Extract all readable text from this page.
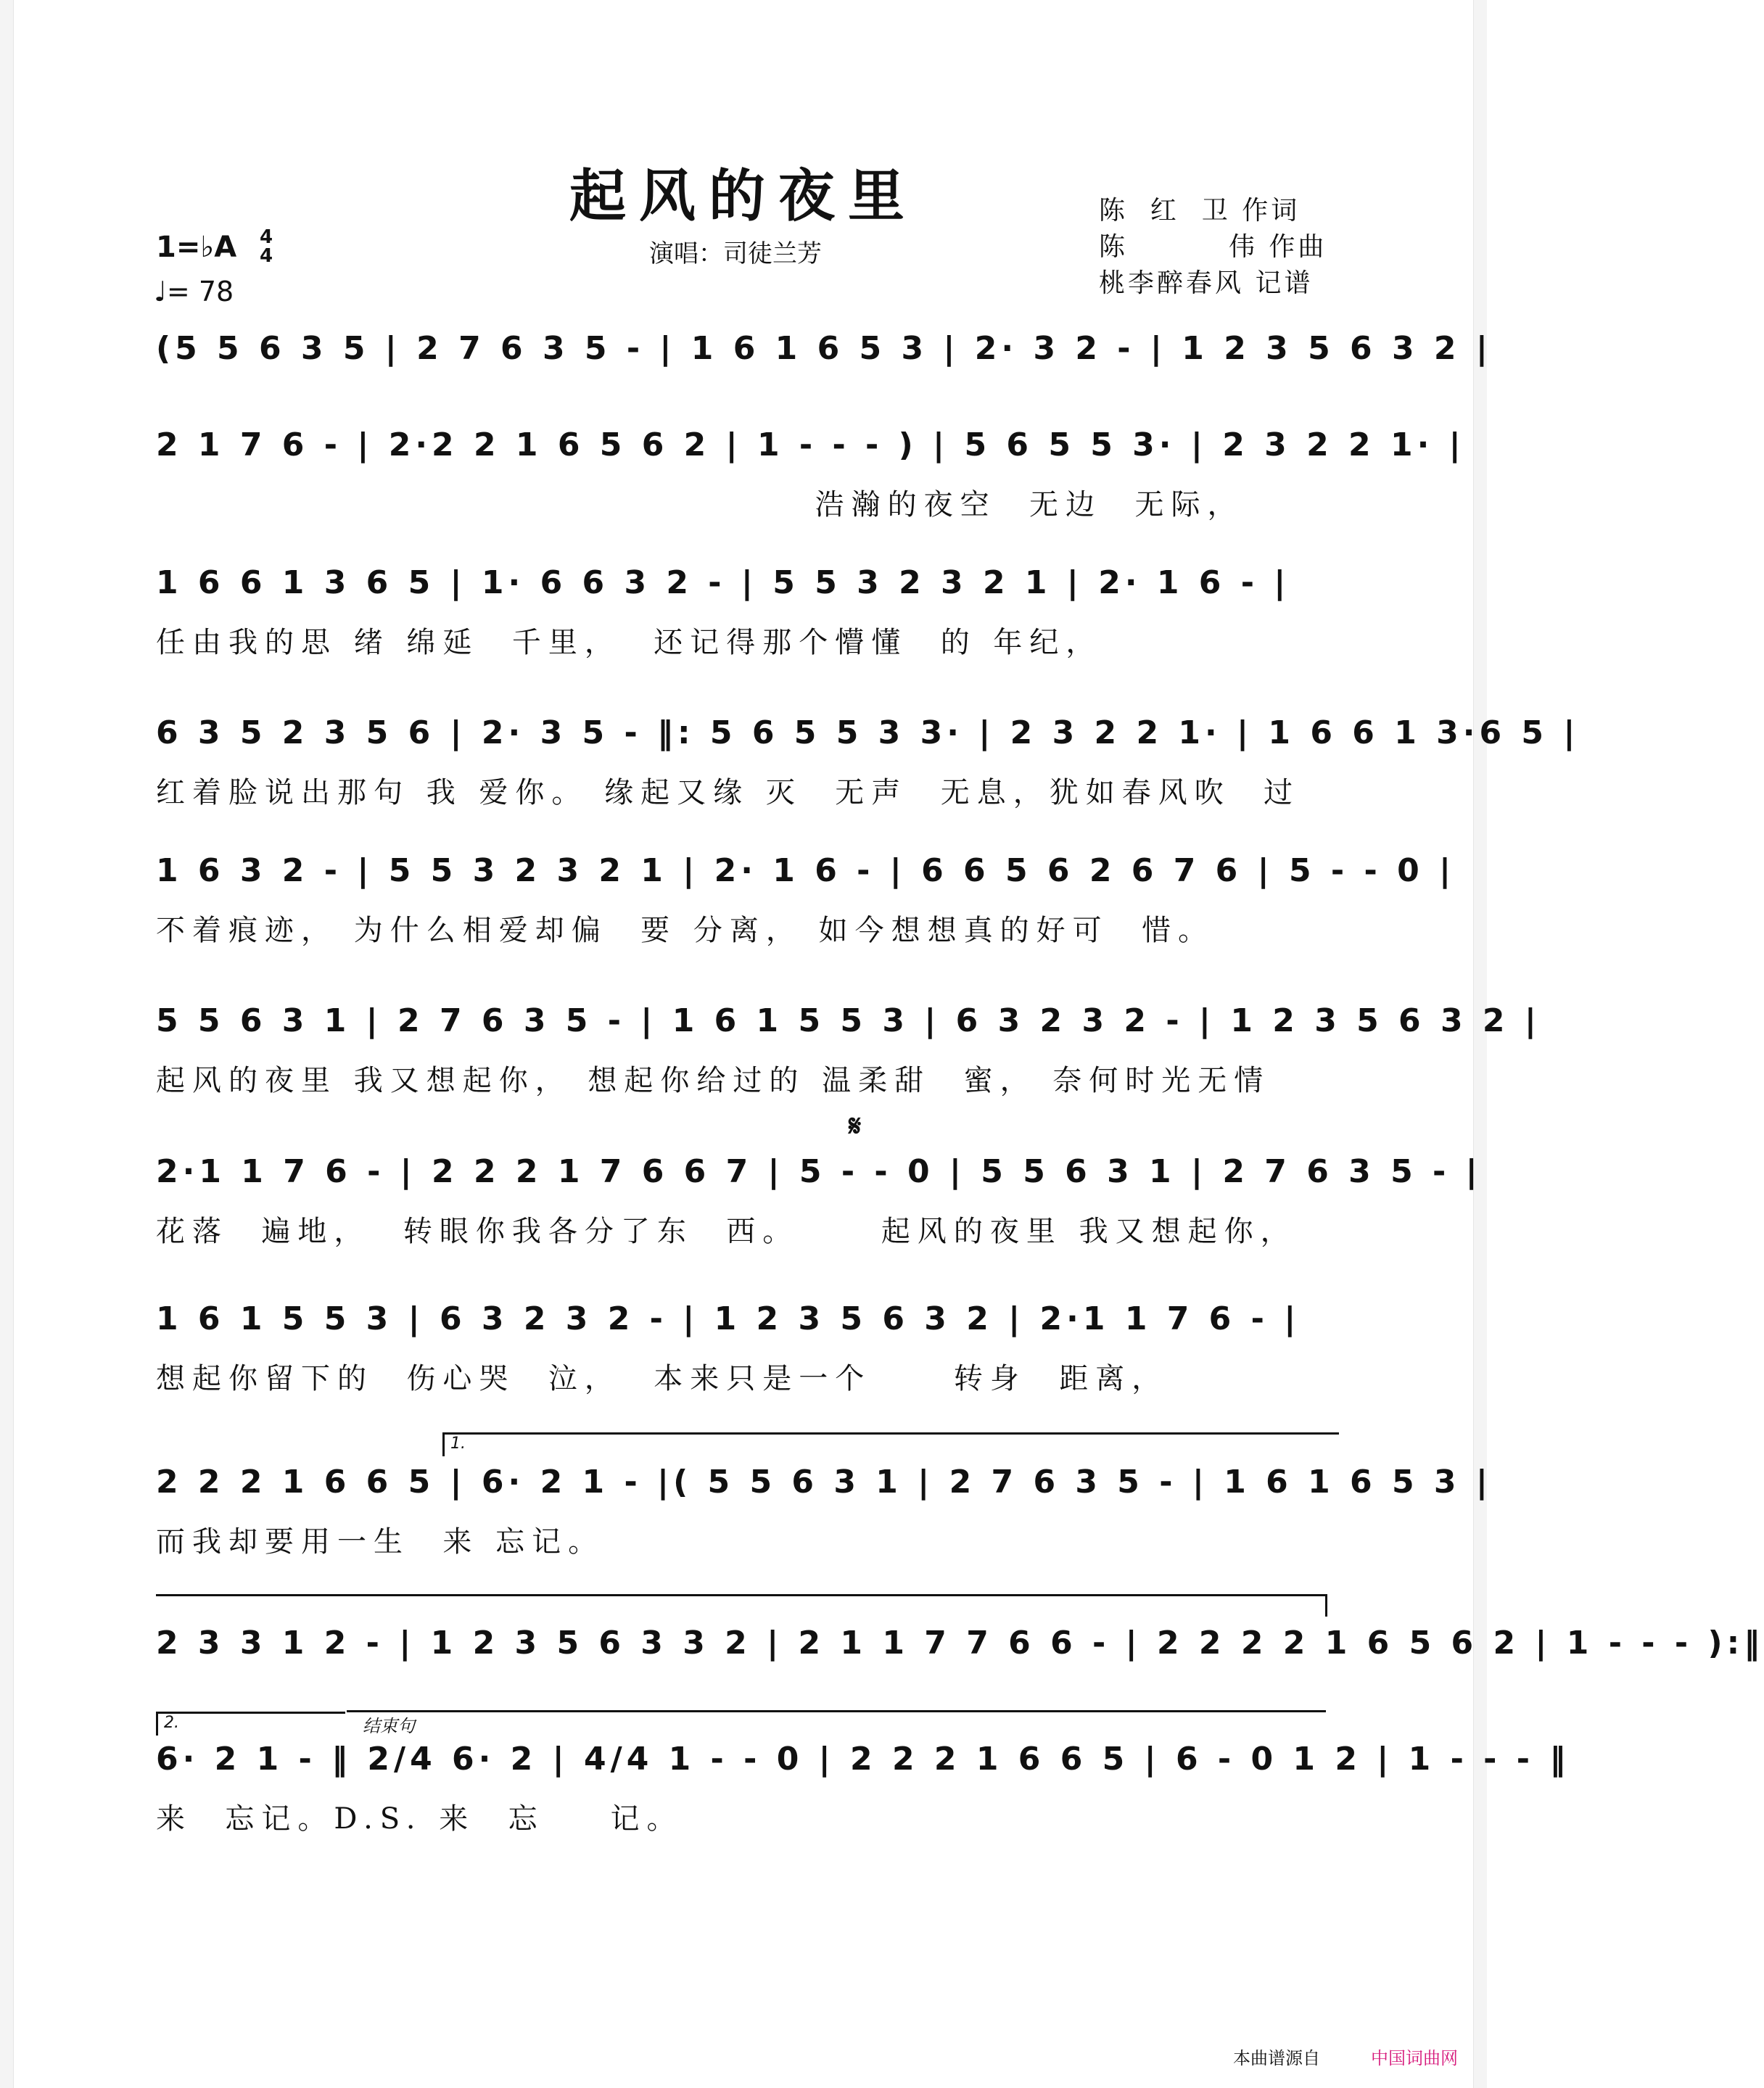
起风的夜里
演唱：司徒兰芳
1=♭A 4
4
♩= 78
陈  红  卫 作词
陈         伟 作曲
桃李醉春风 记谱
(5 5 6 3 5 | 2 7 6 3 5 - | 1 6 1 6 5 3 | 2· 3 2 - | 1 2 3 5 6 3 2 |
2 1 7 6 - | 2·2 2 1 6 5 6 2 | 1 - - - ) | 5 6 5 5 3· | 2 3 2 2 1· |
浩瀚的夜空  无边  无际，
1 6 6 1 3 6 5 | 1· 6 6 3 2 - | 5 5 3 2 3 2 1 | 2· 1 6 - |
任由我的思 绪 绵延  千里，  还记得那个懵懂  的 年纪，
6 3 5 2 3 5 6 | 2· 3 5 - ‖: 5 6 5 5 3 3· | 2 3 2 2 1· | 1 6 6 1 3·6 5 |
红着脸说出那句 我 爱你。 缘起又缘 灭  无声  无息，犹如春风吹  过
1 6 3 2 - | 5 5 3 2 3 2 1 | 2· 1 6 - | 6 6 5 6 2 6 7 6 | 5 - - 0 |
不着痕迹， 为什么相爱却偏  要 分离， 如今想想真的好可  惜。
5 5 6 3 1 | 2 7 6 3 5 - | 1 6 1 5 5 3 | 6 3 2 3 2 - | 1 2 3 5 6 3 2 |
起风的夜里 我又想起你， 想起你给过的 温柔甜  蜜， 奈何时光无情
𝄋
2·1 1 7 6 - | 2 2 2 1 7 6 6 7 | 5 - - 0 | 5 5 6 3 1 | 2 7 6 3 5 - |
花落  遍地，  转眼你我各分了东  西。     起风的夜里 我又想起你，
1 6 1 5 5 3 | 6 3 2 3 2 - | 1 2 3 5 6 3 2 | 2·1 1 7 6 - |
想起你留下的  伤心哭  泣，  本来只是一个     转身  距离，
1.
2 2 2 1 6 6 5 | 6· 2 1 - |( 5 5 6 3 1 | 2 7 6 3 5 - | 1 6 1 6 5 3 |
而我却要用一生  来 忘记。
2 3 3 1 2 - | 1 2 3 5 6 3 3 2 | 2 1 1 7 7 6 6 - | 2 2 2 2 1 6 5 6 2 | 1 - - - ):‖
2.	结束句
6· 2 1 - ‖ 2/4 6· 2 | 4/4 1 - - 0 | 2 2 2 1 6 6 5 | 6 - 0 1 2 | 1 - - - ‖
来  忘记。D.S. 来  忘    记。
本曲谱源自	中国词曲网
